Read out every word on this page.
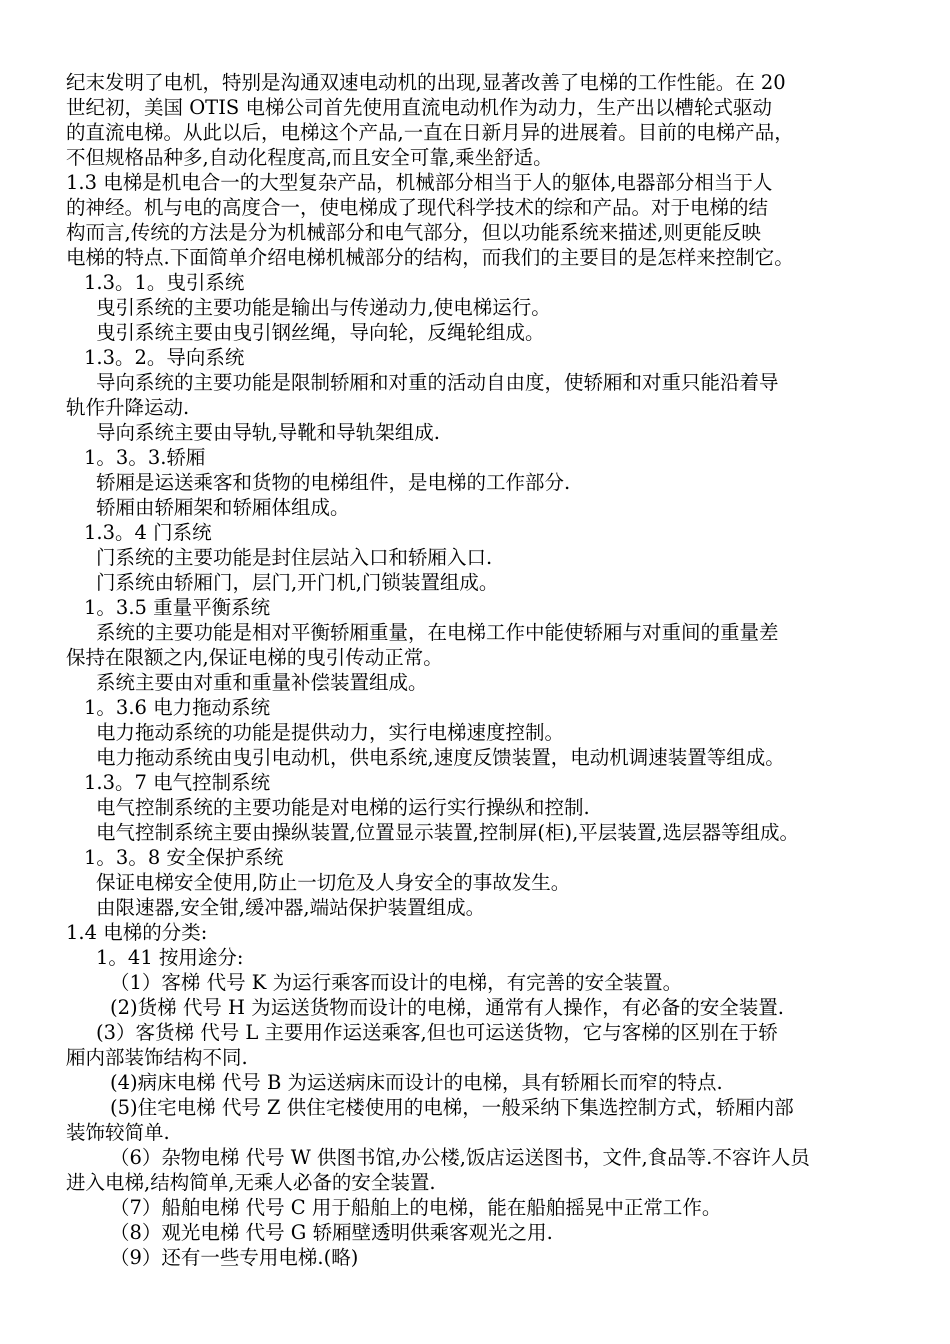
纪末发明了电机，特别是沟通双速电动机的出现,显著改善了电梯的工作性能。在 20
世纪初，美国 OTIS 电梯公司首先使用直流电动机作为动力，生产出以槽轮式驱动
的直流电梯。从此以后，电梯这个产品,一直在日新月异的进展着。目前的电梯产品，
不但规格品种多,自动化程度高,而且安全可靠,乘坐舒适。
1.3 电梯是机电合一的大型复杂产品，机械部分相当于人的躯体,电器部分相当于人
的神经。机与电的高度合一，使电梯成了现代科学技术的综和产品。对于电梯的结
构而言,传统的方法是分为机械部分和电气部分，但以功能系统来描述,则更能反映
电梯的特点.下面简单介绍电梯机械部分的结构，而我们的主要目的是怎样来控制它。
1.3。1。曳引系统
曳引系统的主要功能是输出与传递动力,使电梯运行。
曳引系统主要由曳引钢丝绳，导向轮，反绳轮组成。
1.3。2。导向系统
导向系统的主要功能是限制轿厢和对重的活动自由度，使轿厢和对重只能沿着导
轨作升降运动.
导向系统主要由导轨,导靴和导轨架组成.
1。3。3.轿厢
轿厢是运送乘客和货物的电梯组件，是电梯的工作部分.
轿厢由轿厢架和轿厢体组成。
1.3。4 门系统
门系统的主要功能是封住层站入口和轿厢入口.
门系统由轿厢门，层门,开门机,门锁装置组成。
1。3.5 重量平衡系统
系统的主要功能是相对平衡轿厢重量，在电梯工作中能使轿厢与对重间的重量差
保持在限额之内,保证电梯的曳引传动正常。
系统主要由对重和重量补偿装置组成。
1。3.6 电力拖动系统
电力拖动系统的功能是提供动力，实行电梯速度控制。
电力拖动系统由曳引电动机，供电系统,速度反馈装置，电动机调速装置等组成。
1.3。7 电气控制系统
电气控制系统的主要功能是对电梯的运行实行操纵和控制.
电气控制系统主要由操纵装置,位置显示装置,控制屏(柜),平层装置,选层器等组成。
1。3。8 安全保护系统
保证电梯安全使用,防止一切危及人身安全的事故发生。
由限速器,安全钳,缓冲器,端站保护装置组成。
1.4 电梯的分类:
1。41 按用途分:
（1）客梯 代号 K 为运行乘客而设计的电梯，有完善的安全装置。
(2)货梯 代号 H 为运送货物而设计的电梯，通常有人操作，有必备的安全装置.
(3）客货梯 代号 L 主要用作运送乘客,但也可运送货物，它与客梯的区别在于轿
厢内部装饰结构不同.
(4)病床电梯 代号 B 为运送病床而设计的电梯，具有轿厢长而窄的特点.
(5)住宅电梯 代号 Z 供住宅楼使用的电梯，一般采纳下集选控制方式，轿厢内部
装饰较简单.
（6）杂物电梯 代号 W 供图书馆,办公楼,饭店运送图书，文件,食品等.不容许人员
进入电梯,结构简单,无乘人必备的安全装置.
（7）船舶电梯 代号 C 用于船舶上的电梯，能在船舶摇晃中正常工作。
（8）观光电梯 代号 G 轿厢壁透明供乘客观光之用.
（9）还有一些专用电梯.(略)
